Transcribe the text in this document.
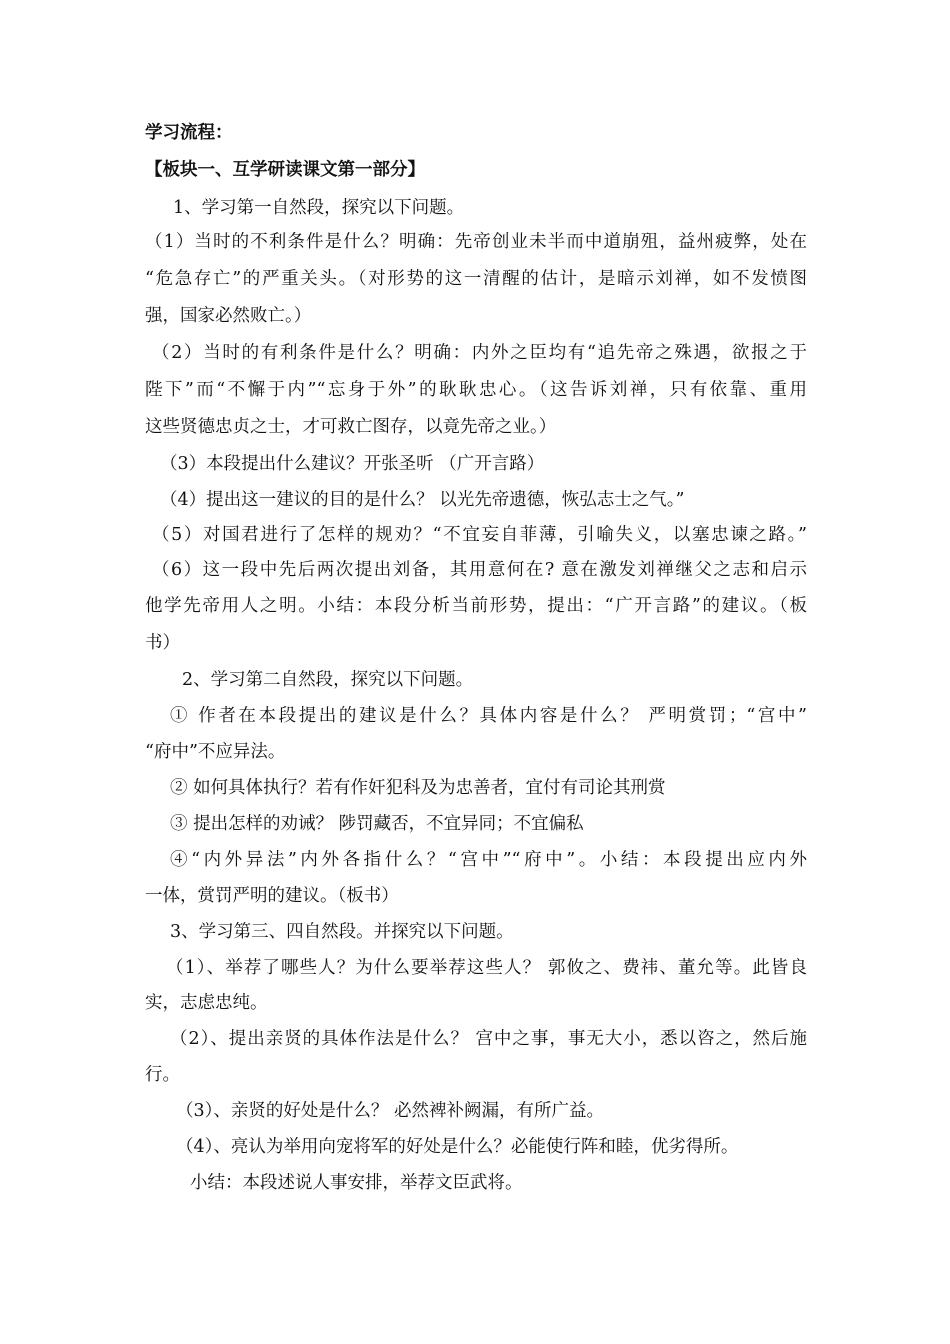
学习流程：
【板块一、互学研读课文第一部分】
1、学习第一自然段，探究以下问题。
（1）当时的不利条件是什么？明确：先帝创业未半而中道崩殂，益州疲弊，处在
“危急存亡”的严重关头。（对形势的这一清醒的估计，是暗示刘禅，如不发愤图
强，国家必然败亡。）
（2）当时的有利条件是什么？明确：内外之臣均有“追先帝之殊遇，欲报之于
陛下”而“不懈于内”“忘身于外”的耿耿忠心。（这告诉刘禅，只有依靠、重用
这些贤德忠贞之士，才可救亡图存，以竟先帝之业。）
（3）本段提出什么建议？开张圣听 （广开言路）
（4）提出这一建议的目的是什么？ 以光先帝遗德，恢弘志士之气。”
（5）对国君进行了怎样的规劝？“不宜妄自菲薄，引喻失义，以塞忠谏之路。”
（6）这一段中先后两次提出刘备，其用意何在? 意在激发刘禅继父之志和启示
他学先帝用人之明。小结：本段分析当前形势，提出：“广开言路”的建议。（板
书）
2、学习第二自然段，探究以下问题。
① 作者在本段提出的建议是什么？具体内容是什么？ 严明赏罚；“宫中”
“府中”不应异法。
② 如何具体执行？若有作奸犯科及为忠善者，宜付有司论其刑赏
③ 提出怎样的劝诫？ 陟罚藏否，不宜异同；不宜偏私
④“内外异法”内外各指什么？“宫中”“府中”。小结：本段提出应内外
一体，赏罚严明的建议。（板书）
3、学习第三、四自然段。并探究以下问题。
（1）、举荐了哪些人？为什么要举荐这些人？ 郭攸之、费祎、董允等。此皆良
实，志虑忠纯。
（2）、提出亲贤的具体作法是什么？ 宫中之事，事无大小，悉以咨之，然后施
行。
（3）、亲贤的好处是什么？ 必然裨补阙漏，有所广益。
（4）、亮认为举用向宠将军的好处是什么？必能使行阵和睦，优劣得所。
小结：本段述说人事安排，举荐文臣武将。
